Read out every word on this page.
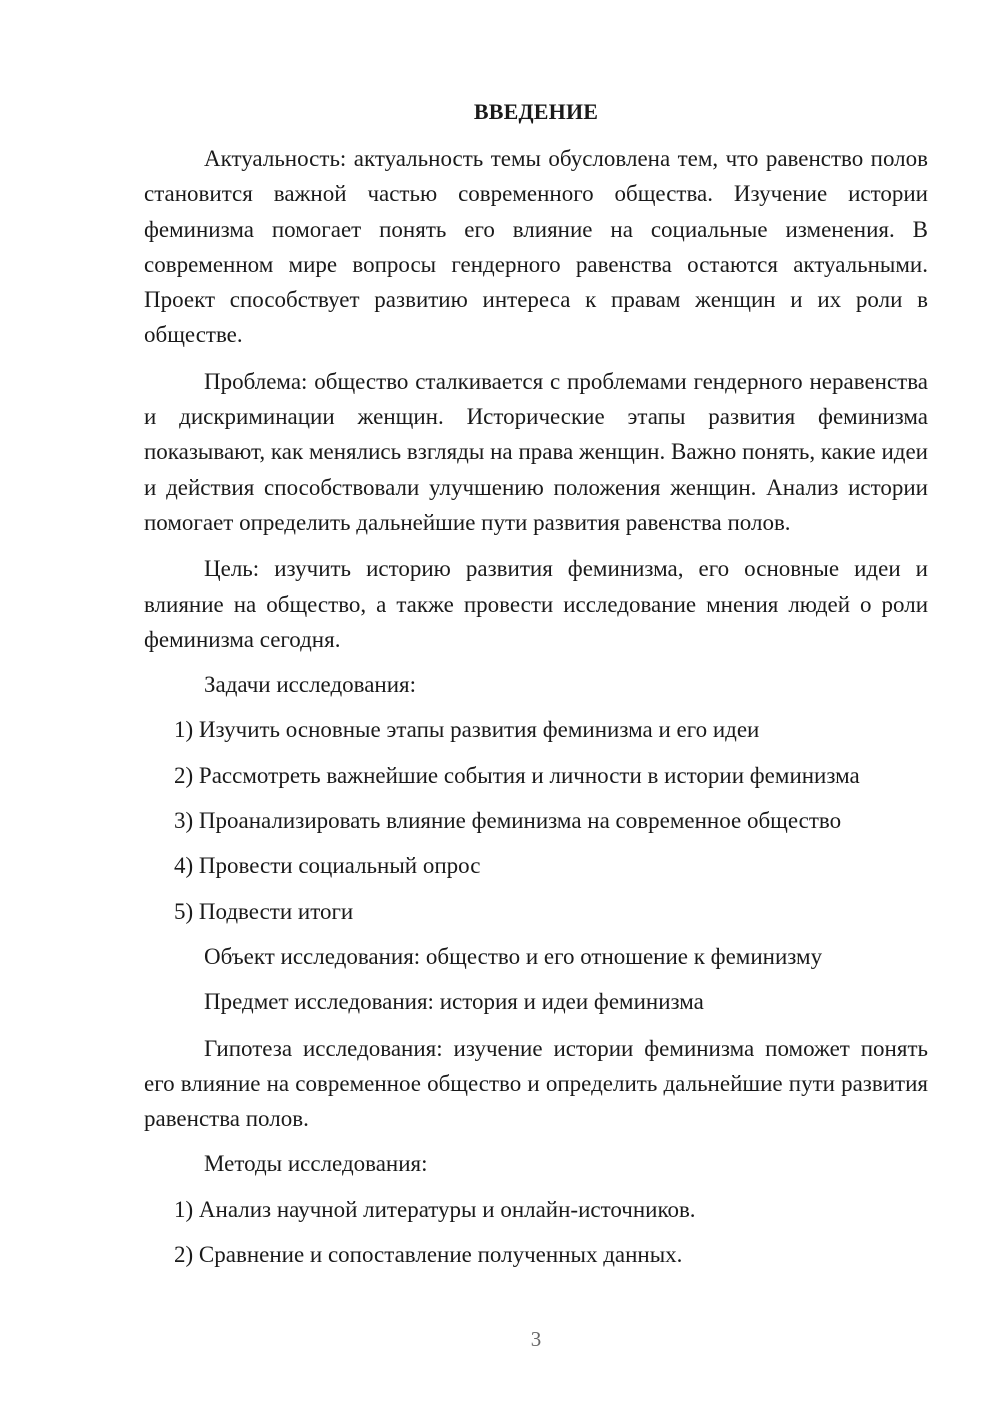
ВВЕДЕНИЕ

Актуальность: актуальность темы обусловлена тем, что равенство полов становится важной частью современного общества. Изучение истории феминизма помогает понять его влияние на социальные изменения. В современном мире вопросы гендерного равенства остаются актуальными. Проект способствует развитию интереса к правам женщин и их роли в обществе.

Проблема: общество сталкивается с проблемами гендерного неравенства и дискриминации женщин. Исторические этапы развития феминизма показывают, как менялись взгляды на права женщин. Важно понять, какие идеи и действия способствовали улучшению положения женщин. Анализ истории помогает определить дальнейшие пути развития равенства полов.

Цель: изучить историю развития феминизма, его основные идеи и влияние на общество, а также провести исследование мнения людей о роли феминизма сегодня.

Задачи исследования:

1) Изучить основные этапы развития феминизма и его идеи

2) Рассмотреть важнейшие события и личности в истории феминизма

3) Проанализировать влияние феминизма на современное общество

4) Провести социальный опрос

5) Подвести итоги

Объект исследования: общество и его отношение к феминизму

Предмет исследования: история и идеи феминизма

Гипотеза исследования: изучение истории феминизма поможет понять его влияние на современное общество и определить дальнейшие пути развития равенства полов.

Методы исследования:

1) Анализ научной литературы и онлайн-источников.

2) Сравнение и сопоставление полученных данных.

3
